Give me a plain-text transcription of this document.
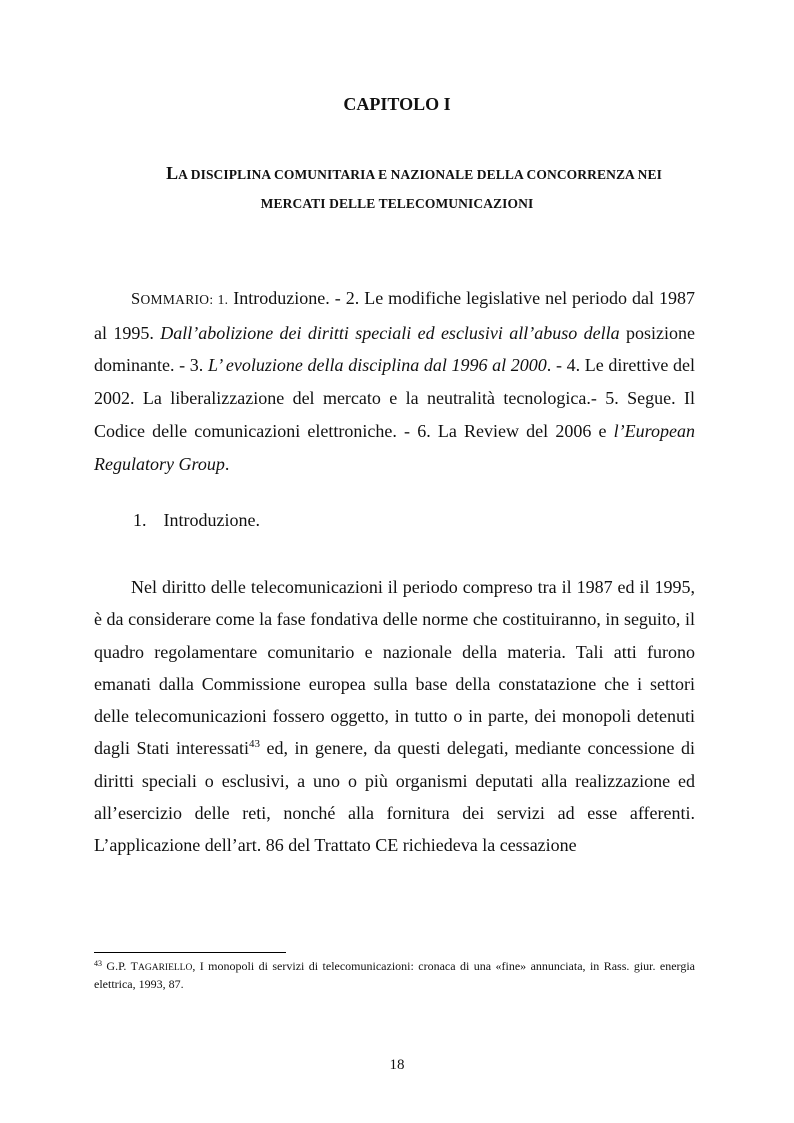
CAPITOLO I
LA DISCIPLINA COMUNITARIA E NAZIONALE DELLA CONCORRENZA NEI
MERCATI DELLE TELECOMUNICAZIONI

SOMMARIO: 1. Introduzione. - 2. Le modifiche legislative nel periodo dal 1987 al 1995. Dall’abolizione dei diritti speciali ed esclusivi all’abuso della posizione dominante. - 3. L’ evoluzione della disciplina dal 1996 al 2000. - 4. Le direttive del 2002. La liberalizzazione del mercato e la neutralità tecnologica.- 5. Segue. Il Codice delle comunicazioni elettroniche. - 6. La Review del 2006 e l’European Regulatory Group.

1. Introduzione.

Nel diritto delle telecomunicazioni il periodo compreso tra il 1987 ed il 1995, è da considerare come la fase fondativa delle norme che costituiranno, in seguito, il quadro regolamentare comunitario e nazionale della materia. Tali atti furono emanati dalla Commissione europea sulla base della constatazione che i settori delle telecomunicazioni fossero oggetto, in tutto o in parte, dei monopoli detenuti dagli Stati interessati$^{43}$ ed, in genere, da questi delegati, mediante concessione di diritti speciali o esclusivi, a uno o più organismi deputati alla realizzazione ed all’esercizio delle reti, nonché alla fornitura dei servizi ad esse afferenti. L’applicazione dell’art. 86 del Trattato CE richiedeva la cessazione

$^{43}$ G.P. TAGARIELLO, I monopoli di servizi di telecomunicazioni: cronaca di una «fine» annunciata, in Rass. giur. energia elettrica, 1993, 87.

18
